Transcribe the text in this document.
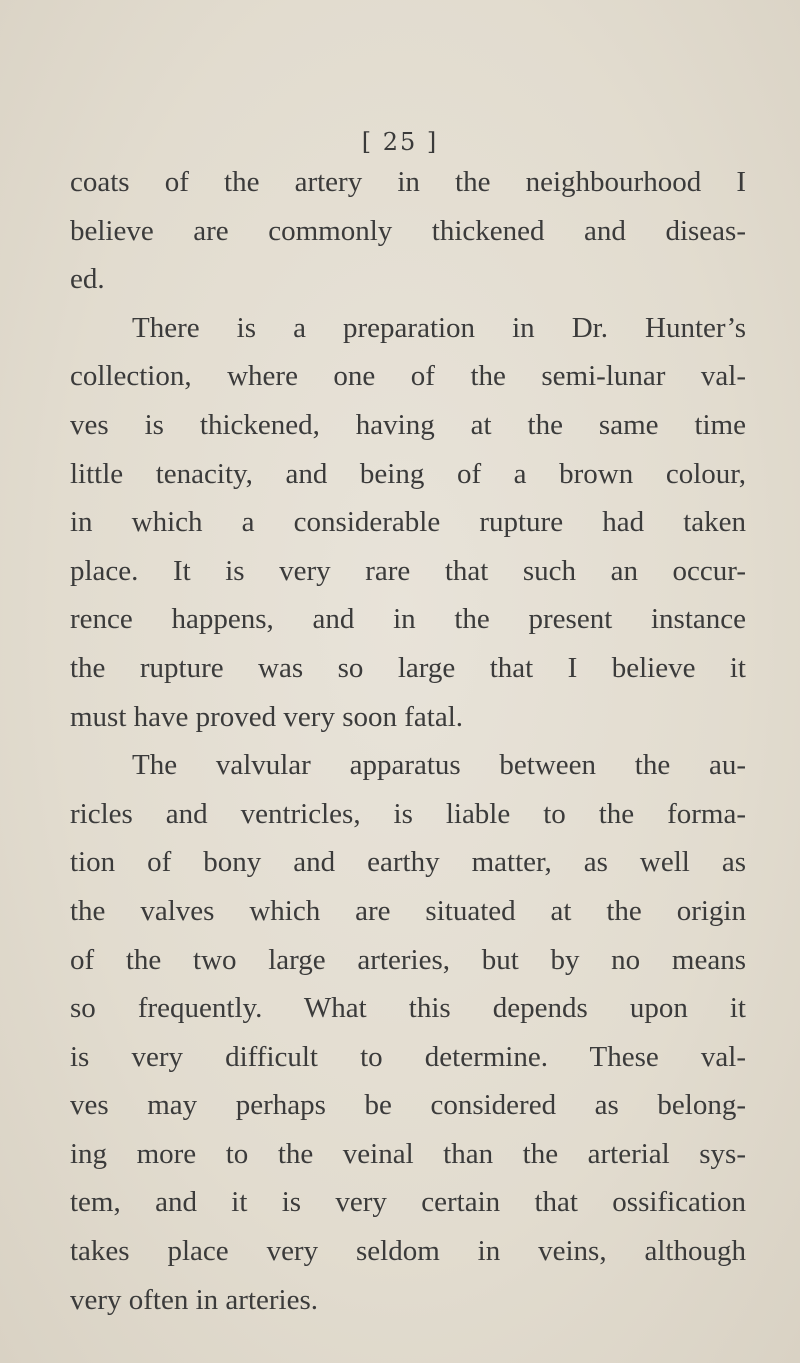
[ 25 ]
coats of the artery in the neighbourhood I
believe are commonly thickened and diseas-
ed.
There is a preparation in Dr. Hunter’s
collection, where one of the semi-lunar val-
ves is thickened, having at the same time
little tenacity, and being of a brown colour,
in which a considerable rupture had taken
place. It is very rare that such an occur-
rence happens, and in the present instance
the rupture was so large that I believe it
must have proved very soon fatal.
The valvular apparatus between the au-
ricles and ventricles, is liable to the forma-
tion of bony and earthy matter, as well as
the valves which are situated at the origin
of the two large arteries, but by no means
so frequently. What this depends upon it
is very difficult to determine. These val-
ves may perhaps be considered as belong-
ing more to the veinal than the arterial sys-
tem, and it is very certain that ossification
takes place very seldom in veins, although
very often in arteries.
